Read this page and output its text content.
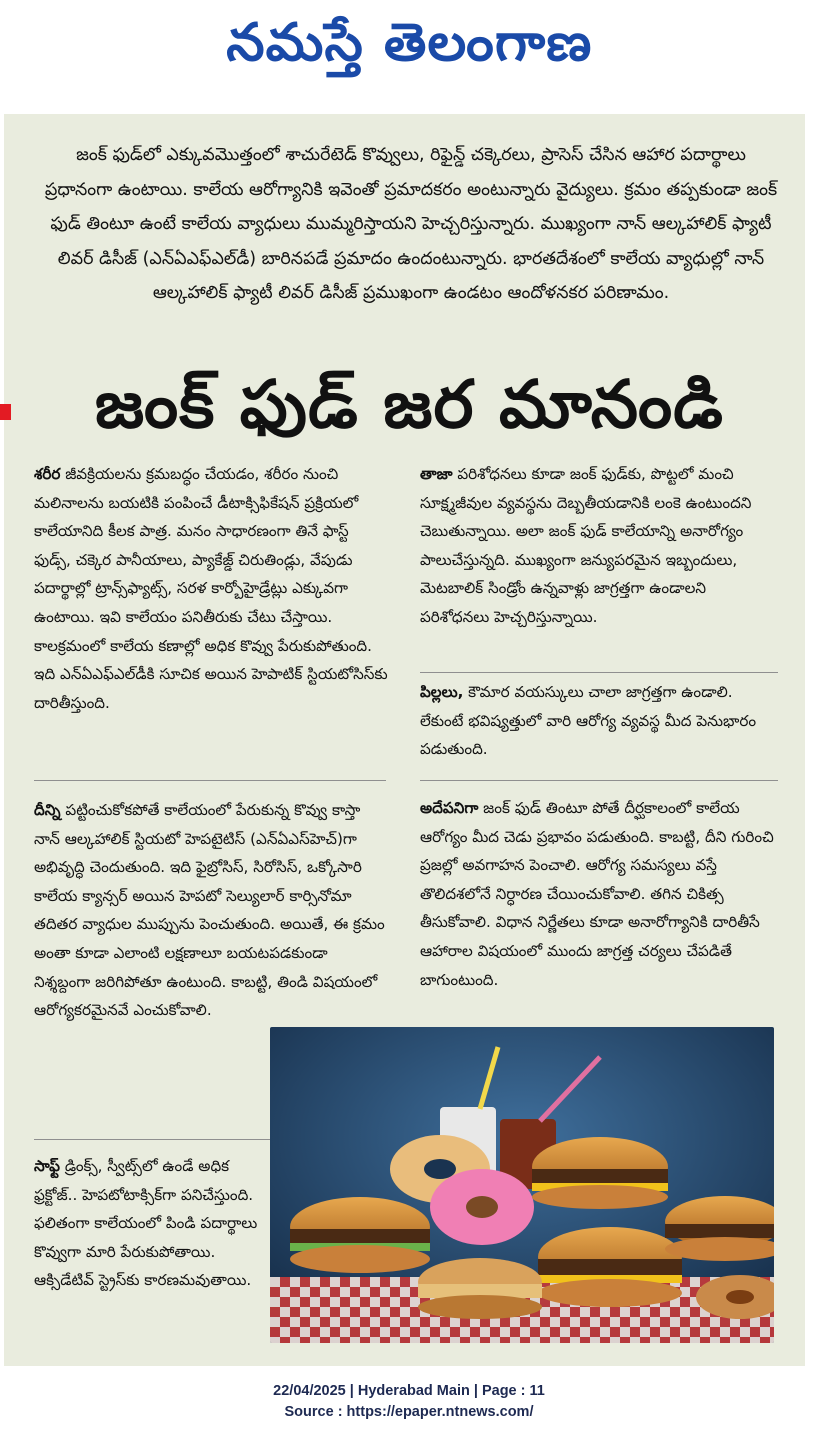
నమస్తే తెలంగాణ
జంక్ ఫుడ్‌లో ఎక్కువమొత్తంలో శాచురేటెడ్ కొవ్వులు, రిఫైన్డ్ చక్కెరలు, ప్రాసెస్ చేసిన ఆహార పదార్థాలు ప్రధానంగా ఉంటాయి. కాలేయ ఆరోగ్యానికి ఇవెంతో ప్రమాదకరం అంటున్నారు వైద్యులు. క్రమం తప్పకుండా జంక్ ఫుడ్ తింటూ ఉంటే కాలేయ వ్యాధులు ముమ్మరిస్తాయని హెచ్చరిస్తున్నారు. ముఖ్యంగా నాన్ ఆల్కహాలిక్ ఫ్యాటీ లివర్ డిసీజ్ (ఎన్ఏఎఫ్ఎల్‌డీ) బారినపడే ప్రమాదం ఉందంటున్నారు. భారతదేశంలో కాలేయ వ్యాధుల్లో నాన్ ఆల్కహాలిక్ ఫ్యాటీ లివర్ డిసీజ్ ప్రముఖంగా ఉండటం ఆందోళనకర పరిణామం.
జంక్ ఫుడ్ జర మానండి
శరీర జీవక్రియలను క్రమబద్ధం చేయడం, శరీరం నుంచి మలినాలను బయటికి పంపించే డీటాక్సిఫికేషన్ ప్రక్రియలో కాలేయానిది కీలక పాత్ర. మనం సాధారణంగా తినే ఫాస్ట్ ఫుడ్స్, చక్కెర పానీయాలు, ప్యాకేజ్డ్ చిరుతిండ్లు, వేపుడు పదార్థాల్లో ట్రాన్స్‌ఫ్యాట్స్, సరళ కార్బోహైడ్రేట్లు ఎక్కువగా ఉంటాయి. ఇవి కాలేయం పనితీరుకు చేటు చేస్తాయి. కాలక్రమంలో కాలేయ కణాల్లో అధిక కొవ్వు పేరుకుపోతుంది. ఇది ఎన్ఏఎఫ్ఎల్‌డీకి సూచిక అయిన హెపాటిక్ స్టియటోసిస్‌కు దారితీస్తుంది.
దీన్ని పట్టించుకోకపోతే కాలేయంలో పేరుకున్న కొవ్వు కాస్తా నాన్ ఆల్కహాలిక్ స్టియటో హెపటైటిస్ (ఎన్ఏఎస్‌హెచ్)గా అభివృద్ధి చెందుతుంది. ఇది ఫైబ్రోసిస్, సిరోసిస్, ఒక్కోసారి కాలేయ క్యాన్సర్ అయిన హెపటో సెల్యులార్ కార్సినోమా తదితర వ్యాధుల ముప్పును పెంచుతుంది. అయితే, ఈ క్రమం అంతా కూడా ఎలాంటి లక్షణాలూ బయటపడకుండా నిశ్శబ్దంగా జరిగిపోతూ ఉంటుంది. కాబట్టి, తిండి విషయంలో ఆరోగ్యకరమైనవే ఎంచుకోవాలి.
సాఫ్ట్ డ్రింక్స్, స్వీట్స్‌లో ఉండే అధిక ఫ్రక్టోజ్.. హెపటోటాక్సిక్‌గా పనిచేస్తుంది. ఫలితంగా కాలేయంలో పిండి పదార్థాలు కొవ్వుగా మారి పేరుకుపోతాయి. ఆక్సిడేటివ్ స్ట్రెస్‌కు కారణమవుతాయి.
తాజా పరిశోధనలు కూడా జంక్ ఫుడ్‌కు, పొట్టలో మంచి సూక్ష్మజీవుల వ్యవస్థను దెబ్బతీయడానికి లంకె ఉంటుందని చెబుతున్నాయి. అలా జంక్ ఫుడ్ కాలేయాన్ని అనారోగ్యం పాలుచేస్తున్నది. ముఖ్యంగా జన్యుపరమైన ఇబ్బందులు, మెటబాలిక్ సిండ్రోం ఉన్నవాళ్లు జాగ్రత్తగా ఉండాలని పరిశోధనలు హెచ్చరిస్తున్నాయి.
పిల్లలు, కౌమార వయస్కులు చాలా జాగ్రత్తగా ఉండాలి. లేకుంటే భవిష్యత్తులో వారి ఆరోగ్య వ్యవస్థ మీద పెనుభారం పడుతుంది.
అదేపనిగా జంక్ ఫుడ్ తింటూ పోతే దీర్ఘకాలంలో కాలేయ ఆరోగ్యం మీద చెడు ప్రభావం పడుతుంది. కాబట్టి, దీని గురించి ప్రజల్లో అవగాహన పెంచాలి. ఆరోగ్య సమస్యలు వస్తే తొలిదశలోనే నిర్ధారణ చేయించుకోవాలి. తగిన చికిత్స తీసుకోవాలి. విధాన నిర్ణేతలు కూడా అనారోగ్యానికి దారితీసే ఆహారాల విషయంలో ముందు జాగ్రత్త చర్యలు చేపడితే బాగుంటుంది.
22/04/2025 | Hyderabad Main | Page : 11
Source : https://epaper.ntnews.com/
